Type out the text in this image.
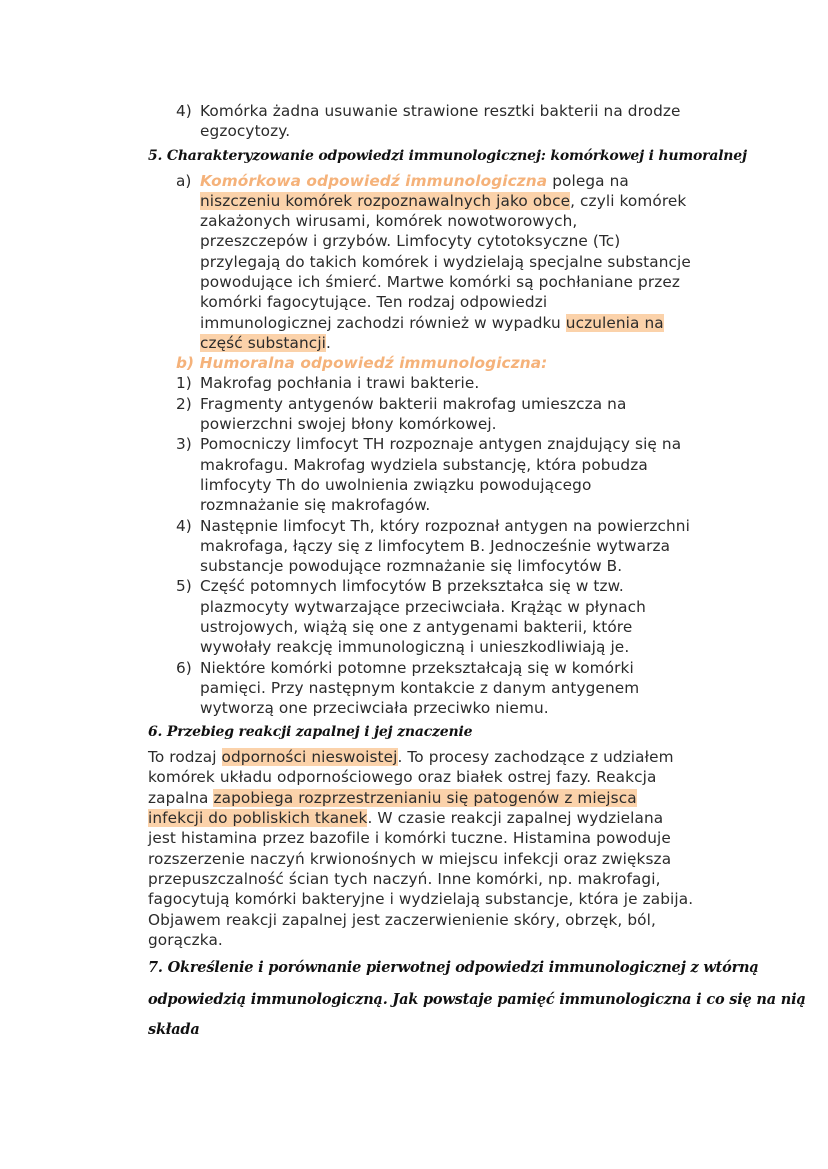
4) Komórka żadna usuwanie strawione resztki bakterii na drodze
egzocytozy.
5. Charakteryzowanie odpowiedzi immunologicznej: komórkowej i humoralnej
a) Komórkowa odpowiedź immunologiczna polega na
niszczeniu komórek rozpoznawalnych jako obce, czyli komórek
zakażonych wirusami, komórek nowotworowych,
przeszczepów i grzybów. Limfocyty cytotoksyczne (Tc)
przylegają do takich komórek i wydzielają specjalne substancje
powodujące ich śmierć. Martwe komórki są pochłaniane przez
komórki fagocytujące. Ten rodzaj odpowiedzi
immunologicznej zachodzi również w wypadku uczulenia na
część substancji.
b) Humoralna odpowiedź immunologiczna:
1) Makrofag pochłania i trawi bakterie.
2) Fragmenty antygenów bakterii makrofag umieszcza na
powierzchni swojej błony komórkowej.
3) Pomocniczy limfocyt TH rozpoznaje antygen znajdujący się na
makrofagu. Makrofag wydziela substancję, która pobudza
limfocyty Th do uwolnienia związku powodującego
rozmnażanie się makrofagów.
4) Następnie limfocyt Th, który rozpoznał antygen na powierzchni
makrofaga, łączy się z limfocytem B. Jednocześnie wytwarza
substancje powodujące rozmnażanie się limfocytów B.
5) Część potomnych limfocytów B przekształca się w tzw.
plazmocyty wytwarzające przeciwciała. Krążąc w płynach
ustrojowych, wiążą się one z antygenami bakterii, które
wywołały reakcję immunologiczną i unieszkodliwiają je.
6) Niektóre komórki potomne przekształcają się w komórki
pamięci. Przy następnym kontakcie z danym antygenem
wytworzą one przeciwciała przeciwko niemu.
6. Przebieg reakcji zapalnej i jej znaczenie
To rodzaj odporności nieswoistej. To procesy zachodzące z udziałem
komórek układu odpornościowego oraz białek ostrej fazy. Reakcja
zapalna zapobiega rozprzestrzenianiu się patogenów z miejsca
infekcji do pobliskich tkanek. W czasie reakcji zapalnej wydzielana
jest histamina przez bazofile i komórki tuczne. Histamina powoduje
rozszerzenie naczyń krwionośnych w miejscu infekcji oraz zwiększa
przepuszczalność ścian tych naczyń. Inne komórki, np. makrofagi,
fagocytują komórki bakteryjne i wydzielają substancje, która je zabija.
Objawem reakcji zapalnej jest zaczerwienienie skóry, obrzęk, ból,
gorączka.
7. Określenie i porównanie pierwotnej odpowiedzi immunologicznej z wtórną
odpowiedzią immunologiczną. Jak powstaje pamięć immunologiczna i co się na nią
składa
